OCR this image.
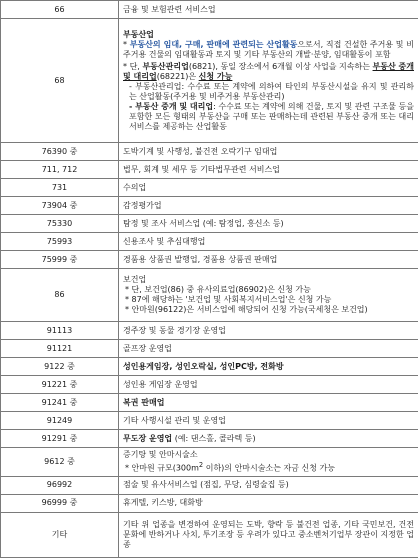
66	금융 및 보험관련 서비스업
68	부동산업
* 부동산의 임대, 구매, 판매에 관련되는 산업활동으로서, 직접 건설한 주거용 및 비주거용 건물의 임대활동과 토지 및 기타 부동산의 개발·분양, 임대활동이 포함
* 단, 부동산관리업(6821), 동일 장소에서 6개월 이상 사업을 지속하는 부동산 중개 및 대리업(68221)은 신청 가능
- 부동산관리업: 수수료 또는 계약에 의하여 타인의 부동산시설을 유지 및 관리하는 산업활동(주거용 및 비주거용 부동산관리)
- 부동산 중개 및 대리업: 수수료 또는 계약에 의해 건물, 토지 및 관련 구조물 등을 포함한 모든 형태의 부동산을 구매 또는 판매하는데 관련된 부동산 중개 또는 대리 서비스를 제공하는 산업활동

76390 중	도박기계 및 사행성, 불건전 오락기구 임대업
711, 712	법무, 회계 및 세무 등 기타법무관련 서비스업
731	수의업
73904 중	감정평가업
75330	탐정 및 조사 서비스업 (예: 탐정업, 흥신소 등)
75993	신용조사 및 추심대행업
75999 중	경품용 상품권 발행업, 경품용 상품권 판매업
86	보건업
* 단, 보건업(86) 중 유사의료업(86902)은 신청 가능
* 87에 해당하는 '보건업 및 사회복지서비스업'은 신청 가능
* 안마원(96122)은 서비스업에 해당되어 신청 가능(국세청은 보건업)

91113	경주장 및 동물 경기장 운영업
91121	골프장 운영업
9122 중	성인용게임장, 성인오락실, 성인PC방, 전화방
91221 중	성인용 게임장 운영업
91241 중	복권 판매업
91249	기타 사행시설 관리 및 운영업
91291 중	무도장 운영업 (예: 댄스홀, 콜라텍 등)
9612 중	증기탕 및 안마시술소
* 안마원 규모($300m^2$ 이하)의 안마시술소는 자금 신청 가능

96992	점술 및 유사서비스업 (점집, 무당, 심령술집 등)
96999 중	휴게텔, 키스방, 대화방
기타	기타 위 업종을 변경하여 운영되는 도박, 향락 등 불건전 업종, 기타 국민보건, 건전문화에 반하거나 사치, 투기조장 등 우려가 있다고 중소벤처기업부 장관이 지정한 업종
